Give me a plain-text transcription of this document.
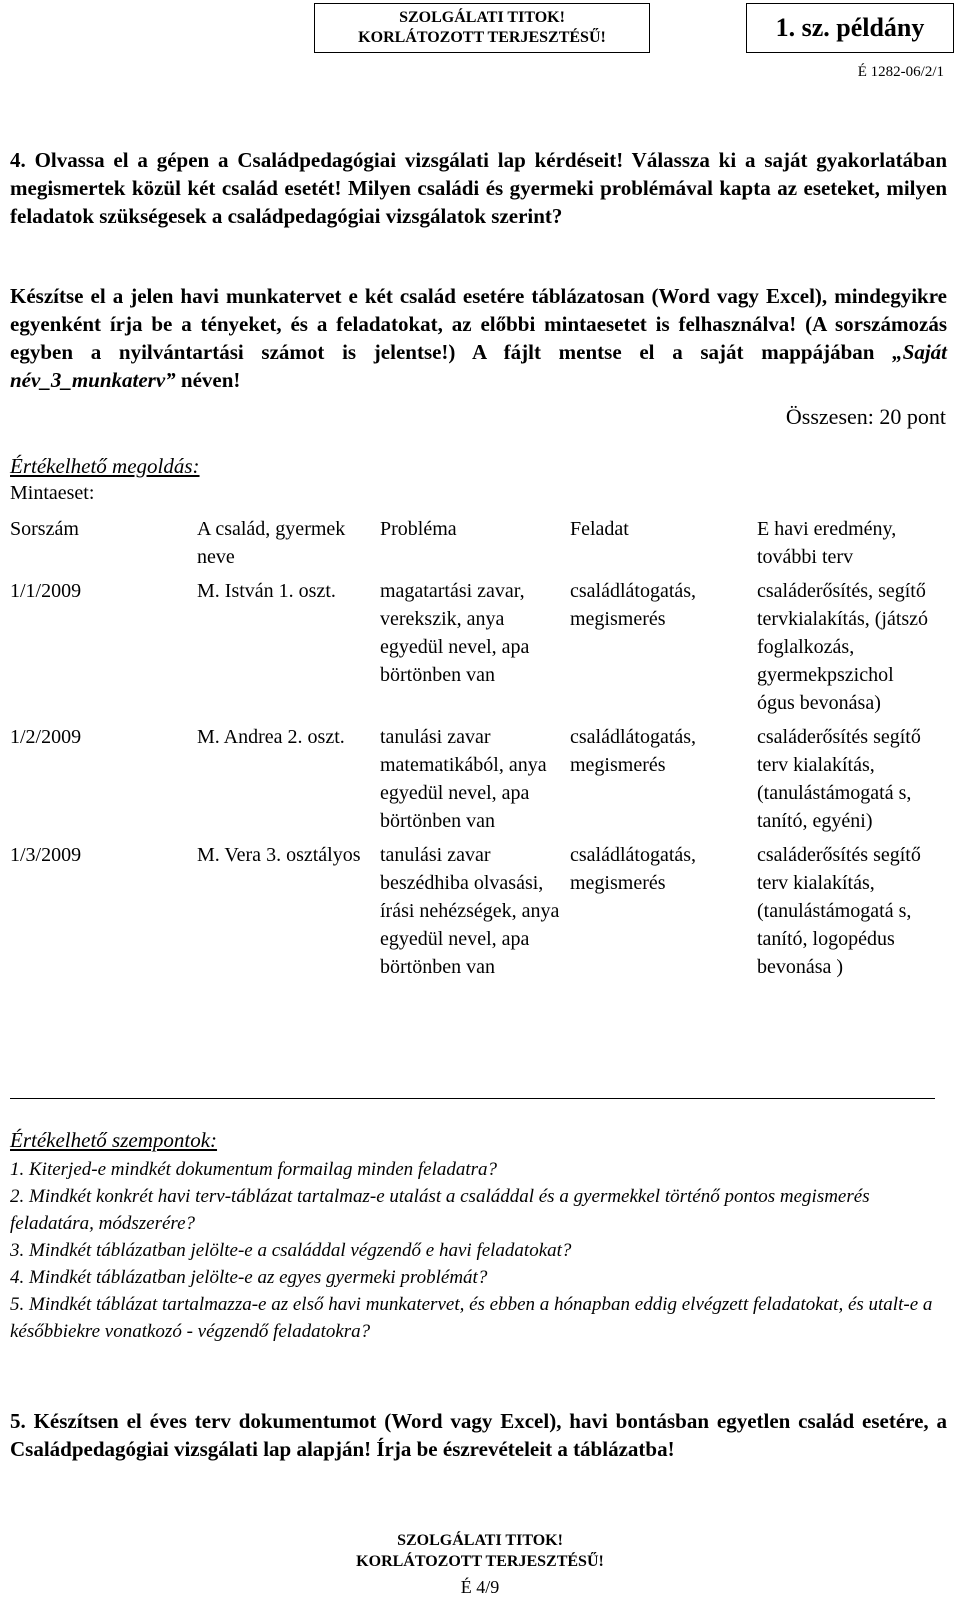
SZOLGÁLATI TITOK!
KORLÁTOZOTT TERJESZTÉSŰ!	1. sz. példány
É 1282-06/2/1

4. Olvassa el a gépen a Családpedagógiai vizsgálati lap kérdéseit! Válassza ki a saját gyakorlatában megismertek közül két család esetét! Milyen családi és gyermeki problémával kapta az eseteket, milyen feladatok szükségesek a családpedagógiai vizsgálatok szerint?

Készítse el a jelen havi munkatervet e két család esetére táblázatosan (Word vagy Excel), mindegyikre egyenként írja be a tényeket, és a feladatokat, az előbbi mintaesetet is felhasználva! (A sorszámozás egyben a nyilvántartási számot is jelentse!) A fájlt mentse el a saját mappájában „Saját név_3_munkaterv” néven!

Összesen: 20 pont
Értékelhető megoldás:
Mintaeset:
Sorszám	A család, gyermek neve	Probléma	Feladat	E havi eredmény, további terv
1/1/2009	M. István 1. oszt.	magatartási zavar, verekszik, anya egyedül nevel, apa börtönben van	családlátogatás, megismerés	családerősítés, segítő tervkialakítás, (játszó foglalkozás, gyermekpszichol ógus bevonása)
1/2/2009	M. Andrea 2. oszt.	tanulási zavar matematikából, anya egyedül nevel, apa börtönben van	családlátogatás, megismerés	családerősítés segítő terv kialakítás, (tanulástámogatá s, tanító, egyéni)
1/3/2009	M. Vera 3. osztályos	tanulási zavar beszédhiba olvasási, írási nehézségek, anya egyedül nevel, apa börtönben van	családlátogatás, megismerés	családerősítés segítő terv kialakítás, (tanulástámogatá s, tanító, logopédus bevonása )
Értékelhető szempontok:
1. Kiterjed-e mindkét dokumentum formailag minden feladatra?
2. Mindkét konkrét havi terv-táblázat tartalmaz-e utalást a családdal és a gyermekkel történő pontos megismerés feladatára, módszerére?
3. Mindkét táblázatban jelölte-e a családdal végzendő e havi feladatokat?
4. Mindkét táblázatban jelölte-e az egyes gyermeki problémát?
5. Mindkét táblázat tartalmazza-e az első havi munkatervet, és ebben a hónapban eddig elvégzett feladatokat, és utalt-e a későbbiekre vonatkozó - végzendő feladatokra?

5. Készítsen el éves terv dokumentumot (Word vagy Excel), havi bontásban egyetlen család esetére, a Családpedagógiai vizsgálati lap alapján! Írja be észrevételeit a táblázatba!

SZOLGÁLATI TITOK!
KORLÁTOZOTT TERJESZTÉSŰ!
É 4/9
